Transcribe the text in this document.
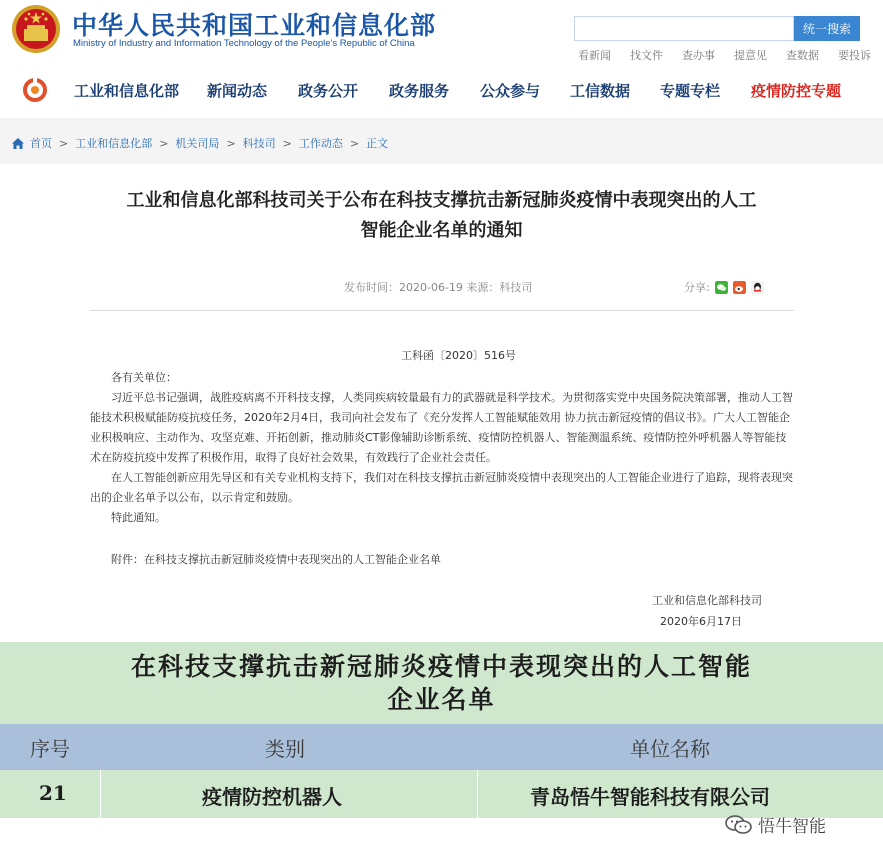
中华人民共和国工业和信息化部
Ministry of Industry and Information Technology of the People's Republic of China
统一搜索
看新闻	找文件	查办事	提意见	查数据	要投诉
工业和信息化部 新闻动态 政务公开 政务服务 公众参与 工信数据 专题专栏 疫情防控专题
首页 > 工业和信息化部 > 机关司局 > 科技司 > 工作动态 > 正文
工业和信息化部科技司关于公布在科技支撑抗击新冠肺炎疫情中表现突出的人工
智能企业名单的通知
发布时间：2020-06-19 来源：科技司	分享:
工科函〔2020〕516号

各有关单位：

习近平总书记强调，战胜疫病离不开科技支撑，人类同疾病较量最有力的武器就是科学技术。为贯彻落实党中央国务院决策部署，推动人工智能技术积极赋能防疫抗疫任务，2020年2月4日，我司向社会发布了《充分发挥人工智能赋能效用 协力抗击新冠疫情的倡议书》。广大人工智能企业积极响应、主动作为、攻坚克难、开拓创新，推动肺炎CT影像辅助诊断系统、疫情防控机器人、智能测温系统、疫情防控外呼机器人等智能技术在防疫抗疫中发挥了积极作用，取得了良好社会效果，有效践行了企业社会责任。

在人工智能创新应用先导区和有关专业机构支持下，我们对在科技支撑抗击新冠肺炎疫情中表现突出的人工智能企业进行了追踪，现将表现突出的企业名单予以公布，以示肯定和鼓励。

特此通知。

附件：在科技支撑抗击新冠肺炎疫情中表现突出的人工智能企业名单
工业和信息化部科技司
2020年6月17日
在科技支撑抗击新冠肺炎疫情中表现突出的人工智能
企业名单
序号	类别	单位名称
21	疫情防控机器人	青岛悟牛智能科技有限公司
悟牛智能
